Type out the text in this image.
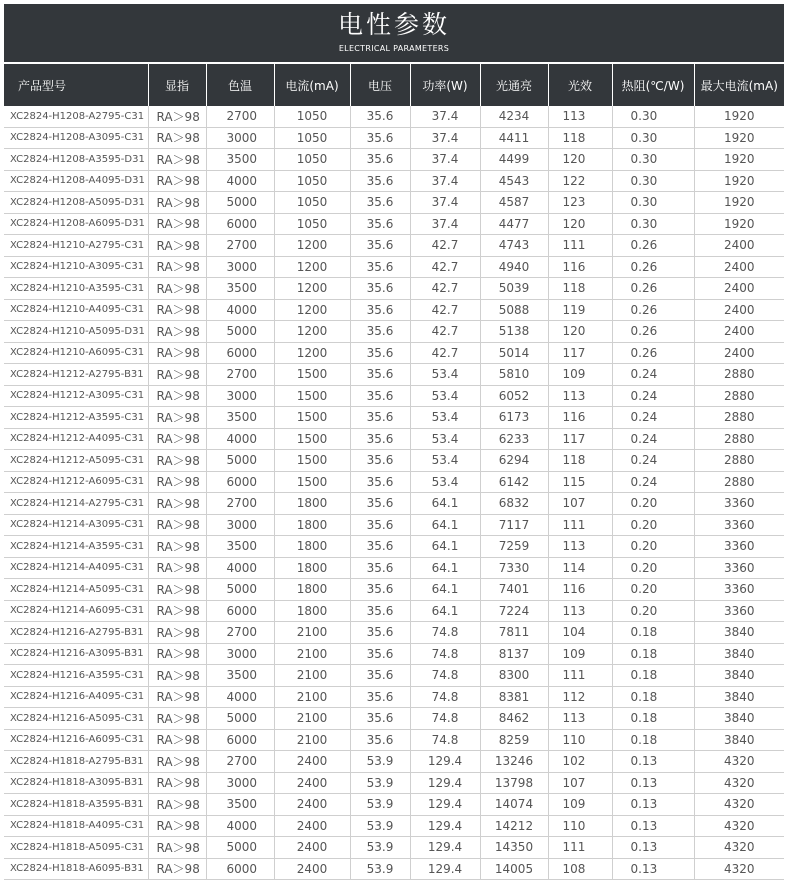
电性参数
ELECTRICAL PARAMETERS
产品型号	显指	色温	电流(mA)	电压	功率(W)	光通亮	光效	热阻(℃/W)	最大电流(mA)
XC2824-H1208-A2795-C31	RA＞98	2700	1050	35.6	37.4	4234	113	0.30	1920
XC2824-H1208-A3095-C31	RA＞98	3000	1050	35.6	37.4	4411	118	0.30	1920
XC2824-H1208-A3595-D31	RA＞98	3500	1050	35.6	37.4	4499	120	0.30	1920
XC2824-H1208-A4095-D31	RA＞98	4000	1050	35.6	37.4	4543	122	0.30	1920
XC2824-H1208-A5095-D31	RA＞98	5000	1050	35.6	37.4	4587	123	0.30	1920
XC2824-H1208-A6095-D31	RA＞98	6000	1050	35.6	37.4	4477	120	0.30	1920
XC2824-H1210-A2795-C31	RA＞98	2700	1200	35.6	42.7	4743	111	0.26	2400
XC2824-H1210-A3095-C31	RA＞98	3000	1200	35.6	42.7	4940	116	0.26	2400
XC2824-H1210-A3595-C31	RA＞98	3500	1200	35.6	42.7	5039	118	0.26	2400
XC2824-H1210-A4095-C31	RA＞98	4000	1200	35.6	42.7	5088	119	0.26	2400
XC2824-H1210-A5095-D31	RA＞98	5000	1200	35.6	42.7	5138	120	0.26	2400
XC2824-H1210-A6095-C31	RA＞98	6000	1200	35.6	42.7	5014	117	0.26	2400
XC2824-H1212-A2795-B31	RA＞98	2700	1500	35.6	53.4	5810	109	0.24	2880
XC2824-H1212-A3095-C31	RA＞98	3000	1500	35.6	53.4	6052	113	0.24	2880
XC2824-H1212-A3595-C31	RA＞98	3500	1500	35.6	53.4	6173	116	0.24	2880
XC2824-H1212-A4095-C31	RA＞98	4000	1500	35.6	53.4	6233	117	0.24	2880
XC2824-H1212-A5095-C31	RA＞98	5000	1500	35.6	53.4	6294	118	0.24	2880
XC2824-H1212-A6095-C31	RA＞98	6000	1500	35.6	53.4	6142	115	0.24	2880
XC2824-H1214-A2795-C31	RA＞98	2700	1800	35.6	64.1	6832	107	0.20	3360
XC2824-H1214-A3095-C31	RA＞98	3000	1800	35.6	64.1	7117	111	0.20	3360
XC2824-H1214-A3595-C31	RA＞98	3500	1800	35.6	64.1	7259	113	0.20	3360
XC2824-H1214-A4095-C31	RA＞98	4000	1800	35.6	64.1	7330	114	0.20	3360
XC2824-H1214-A5095-C31	RA＞98	5000	1800	35.6	64.1	7401	116	0.20	3360
XC2824-H1214-A6095-C31	RA＞98	6000	1800	35.6	64.1	7224	113	0.20	3360
XC2824-H1216-A2795-B31	RA＞98	2700	2100	35.6	74.8	7811	104	0.18	3840
XC2824-H1216-A3095-B31	RA＞98	3000	2100	35.6	74.8	8137	109	0.18	3840
XC2824-H1216-A3595-C31	RA＞98	3500	2100	35.6	74.8	8300	111	0.18	3840
XC2824-H1216-A4095-C31	RA＞98	4000	2100	35.6	74.8	8381	112	0.18	3840
XC2824-H1216-A5095-C31	RA＞98	5000	2100	35.6	74.8	8462	113	0.18	3840
XC2824-H1216-A6095-C31	RA＞98	6000	2100	35.6	74.8	8259	110	0.18	3840
XC2824-H1818-A2795-B31	RA＞98	2700	2400	53.9	129.4	13246	102	0.13	4320
XC2824-H1818-A3095-B31	RA＞98	3000	2400	53.9	129.4	13798	107	0.13	4320
XC2824-H1818-A3595-B31	RA＞98	3500	2400	53.9	129.4	14074	109	0.13	4320
XC2824-H1818-A4095-C31	RA＞98	4000	2400	53.9	129.4	14212	110	0.13	4320
XC2824-H1818-A5095-C31	RA＞98	5000	2400	53.9	129.4	14350	111	0.13	4320
XC2824-H1818-A6095-B31	RA＞98	6000	2400	53.9	129.4	14005	108	0.13	4320
